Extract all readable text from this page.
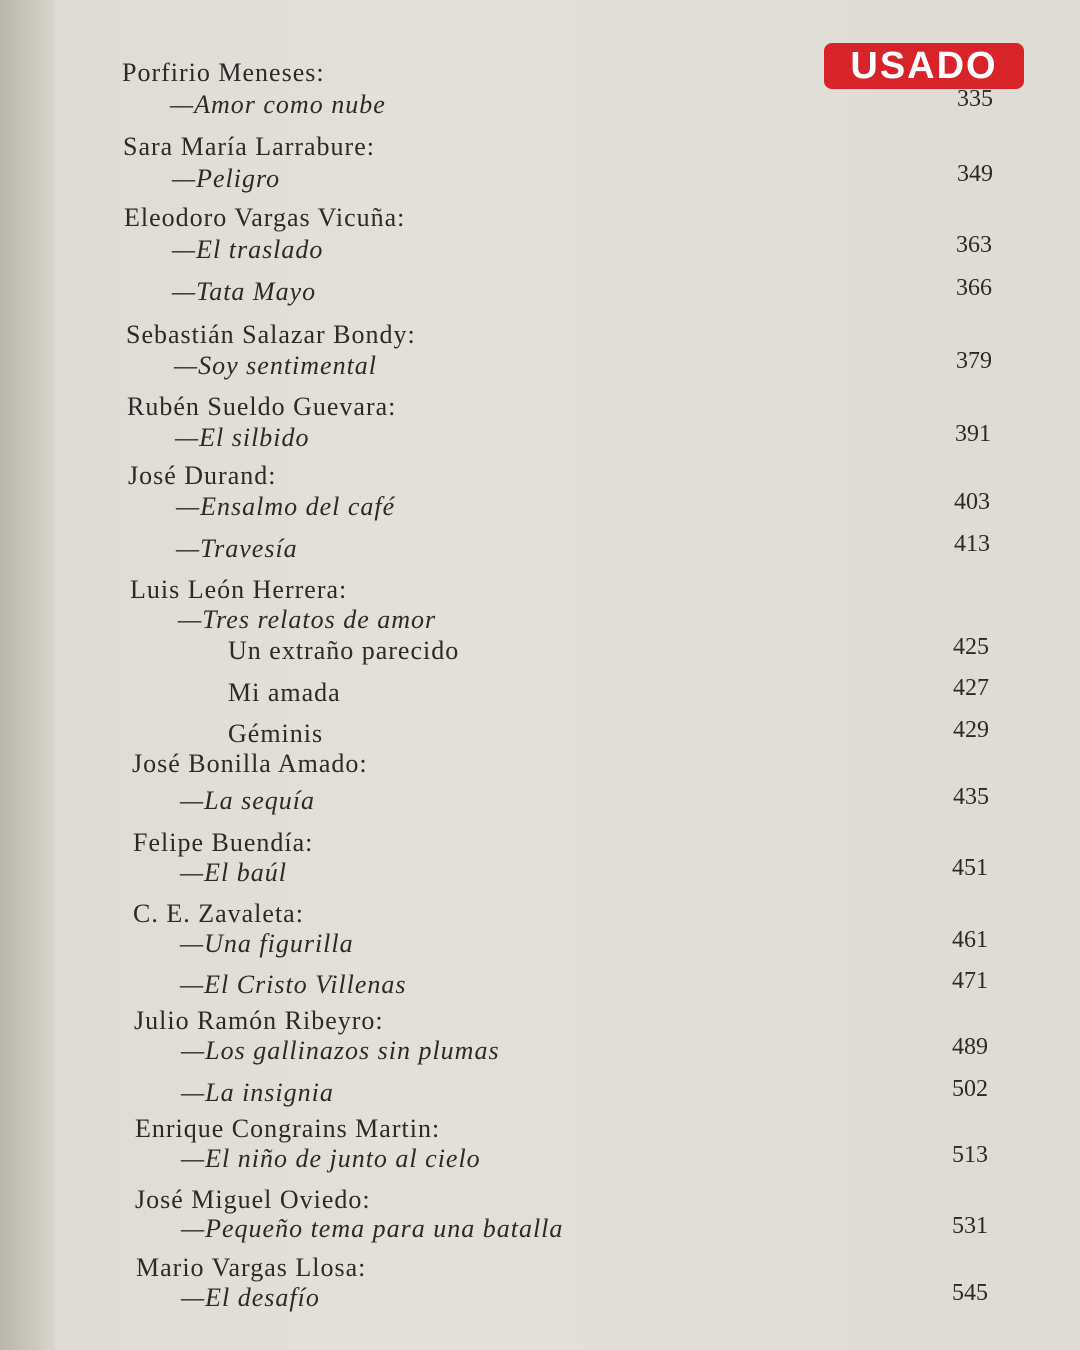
USADO
Porfirio Meneses:
—Amor como nube	335
Sara María Larrabure:
—Peligro	349
Eleodoro Vargas Vicuña:
—El traslado	363
—Tata Mayo	366
Sebastián Salazar Bondy:
—Soy sentimental	379
Rubén Sueldo Guevara:
—El silbido	391
José Durand:
—Ensalmo del café	403
—Travesía	413
Luis León Herrera:
—Tres relatos de amor
Un extraño parecido	425
Mi amada	427
Géminis	429
José Bonilla Amado:
—La sequía	435
Felipe Buendía:
—El baúl	451
C. E. Zavaleta:
—Una figurilla	461
—El Cristo Villenas	471
Julio Ramón Ribeyro:
—Los gallinazos sin plumas	489
—La insignia	502
Enrique Congrains Martin:
—El niño de junto al cielo	513
José Miguel Oviedo:
—Pequeño tema para una batalla	531
Mario Vargas Llosa:
—El desafío	545
